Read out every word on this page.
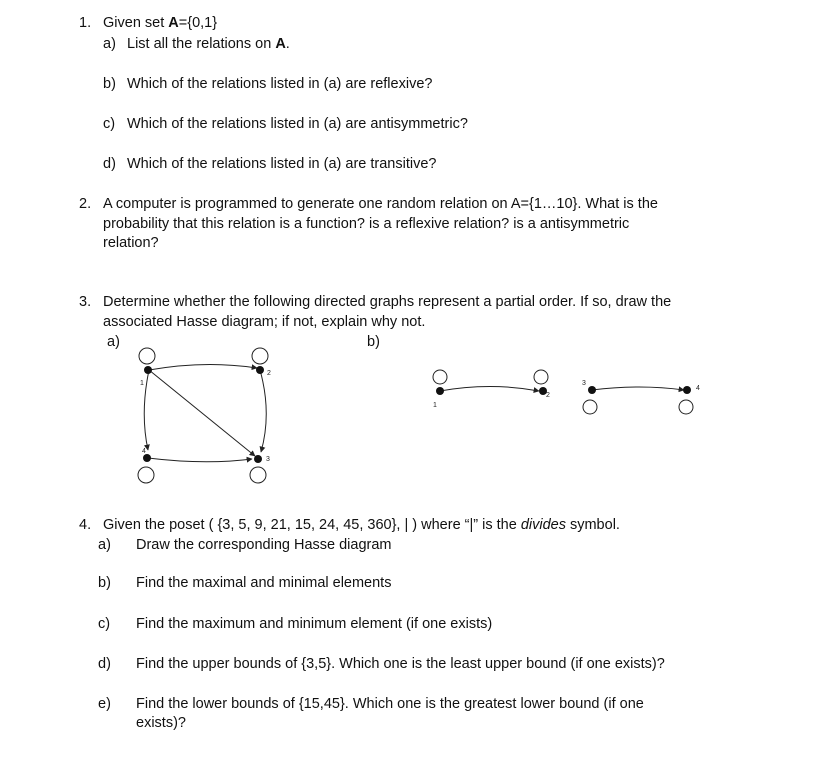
1. Given set A={0,1}
a) List all the relations on A.
b) Which of the relations listed in (a) are reflexive?
c) Which of the relations listed in (a) are antisymmetric?
d) Which of the relations listed in (a) are transitive?
2. A computer is programmed to generate one random relation on A={1…10}. What is the
probability that this relation is a function? is a reflexive relation? is a antisymmetric
relation?
3. Determine whether the following directed graphs represent a partial order. If so, draw the
associated Hasse diagram; if not, explain why not.
a)	b)
1
2
4
3
1
2
3
4
4. Given the poset ( {3, 5, 9, 21, 15, 24, 45, 360}, | ) where “|” is the divides symbol.
a) Draw the corresponding Hasse diagram
b) Find the maximal and minimal elements
c) Find the maximum and minimum element (if one exists)
d) Find the upper bounds of {3,5}. Which one is the least upper bound (if one exists)?
e) Find the lower bounds of {15,45}. Which one is the greatest lower bound (if one
exists)?
